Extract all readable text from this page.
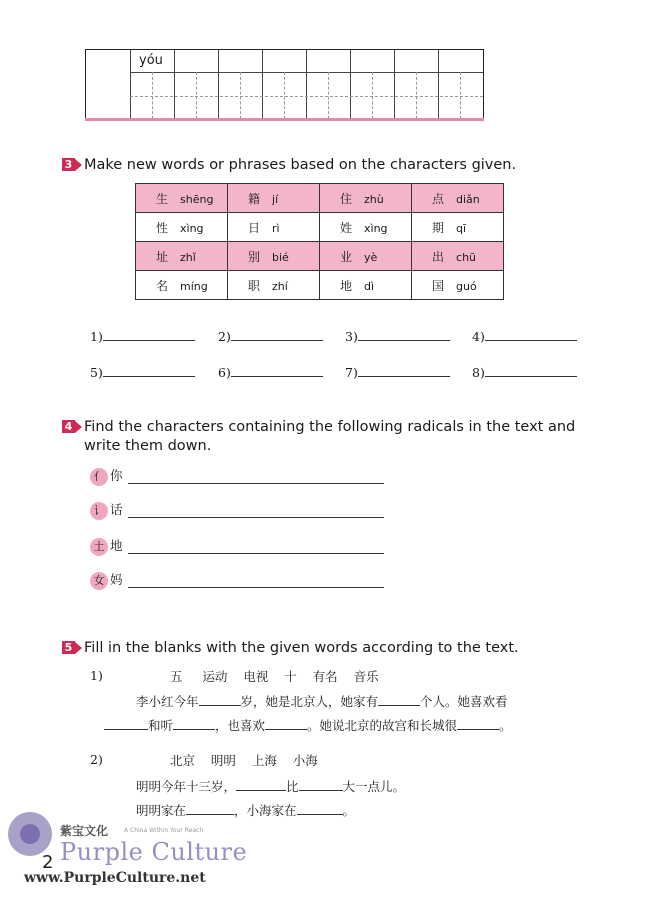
yóu
3 Make new words or phrases based on the characters given.
生 shēng	籍 jí	住 zhù	点 diǎn
性 xìng	日 rì	姓 xìng	期 qī
址 zhǐ	别 bié	业 yè	出 chū
名 míng	职 zhí	地 dì	国 guó
1)	2)	3)	4)
5)	6)	7)	8)
4 Find the characters containing the following radicals in the text and
write them down.
亻 你
讠 话
土 地
女 妈
5 Fill in the blanks with the given words according to the text.
1)	五 运动 电视 十 有名 音乐
李小红今年	岁，她是北京人，她家有	个人。她喜欢看
和听	，也喜欢	。她说北京的故宫和长城很	。
2)	北京 明明 上海 小海
明明今年十三岁，	比	大一点儿。
明明家在	，小海家在	。
紫宝文化	A China Within Your Reach
Purple Culture
2
www.PurpleCulture.net
